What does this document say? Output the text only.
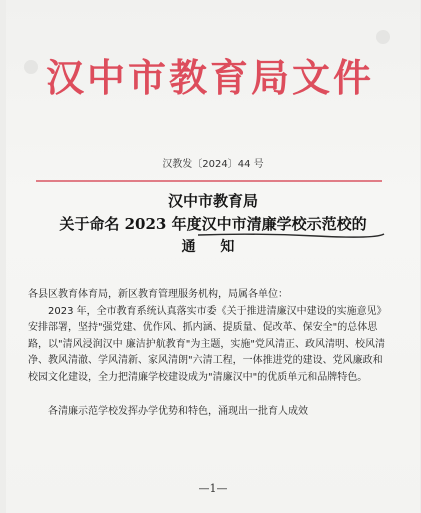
汉中市教育局文件
汉教发〔2024〕44 号
汉中市教育局
关于命名 2023 年度汉中市清廉学校示范校的
通 知

各县区教育体育局，新区教育管理服务机构，局属各单位：

2023 年，全市教育系统认真落实市委《关于推进清廉汉中建设的实施意见》安排部署，坚持"强党建、优作风、抓内涵、提质量、促改革、保安全"的总体思路，以"清风浸润汉中 廉洁护航教育"为主题，实施"党风清正、政风清明、校风清净、教风清澈、学风清新、家风清朗"六清工程，一体推进党的建设、党风廉政和校园文化建设，全力把清廉学校建设成为"清廉汉中"的优质单元和品牌特色。

各清廉示范学校发挥办学优势和特色，涌现出一批育人成效

—1—
